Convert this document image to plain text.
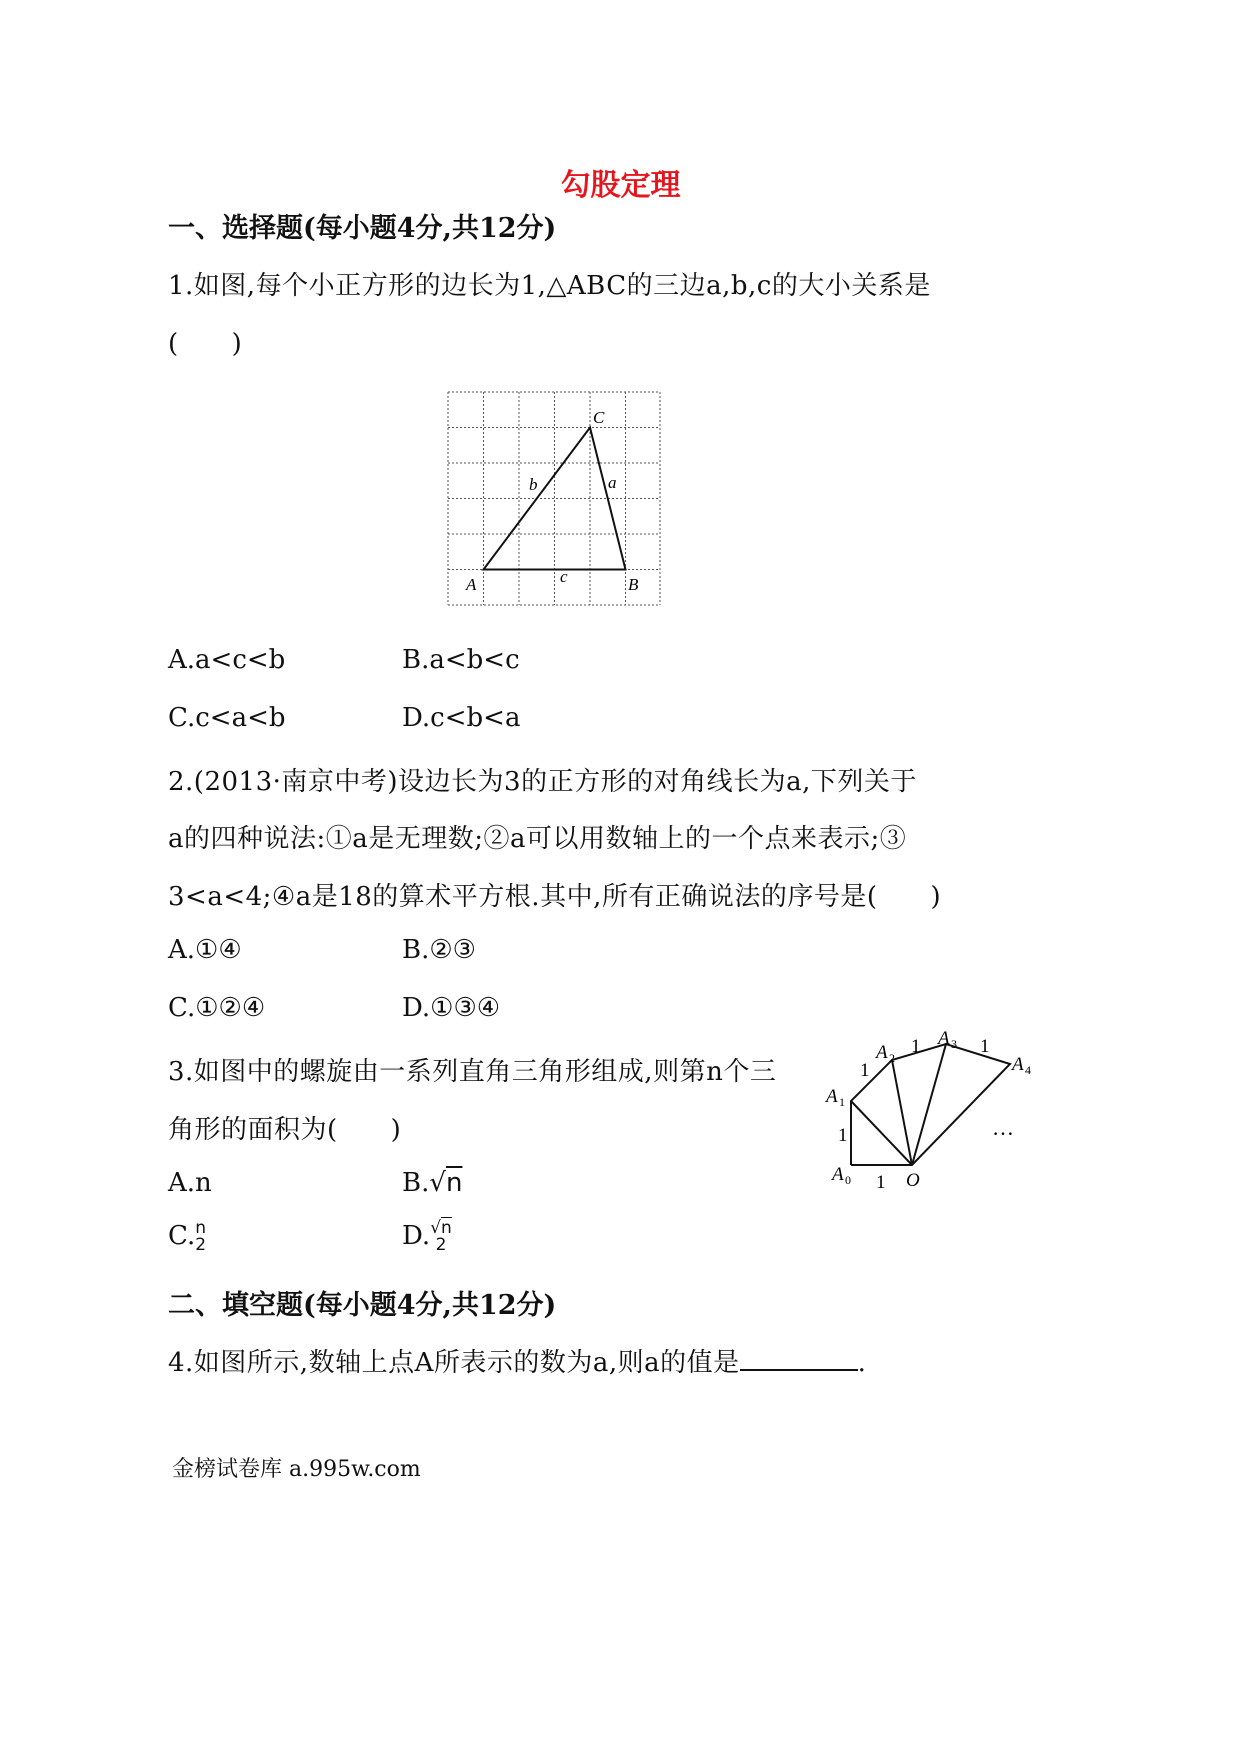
勾股定理
一、选择题(每小题4分,共12分)
1.如图,每个小正方形的边长为1,△ABC的三边a,b,c的大小关系是
(　　)
C
A	B
b	a
c
A.a<c<b	B.a<b<c
C.c<a<b	D.c<b<a
2.(2013·南京中考)设边长为3的正方形的对角线长为a,下列关于
a的四种说法:①a是无理数;②a可以用数轴上的一个点来表示;③
3<a<4;④a是18的算术平方根.其中,所有正确说法的序号是(　　)
A.①④	B.②③
C.①②④	D.①③④
3.如图中的螺旋由一系列直角三角形组成,则第n个三
角形的面积为(　　)
A 0
A 1
A 2
A 3
A 4
O
1
1
1
1	1
…
A.n	B.√n
C. n
2	D. √n
2
二、填空题(每小题4分,共12分)
4.如图所示,数轴上点A所表示的数为a,则a的值是	.
金榜试卷库 a.995w.com
